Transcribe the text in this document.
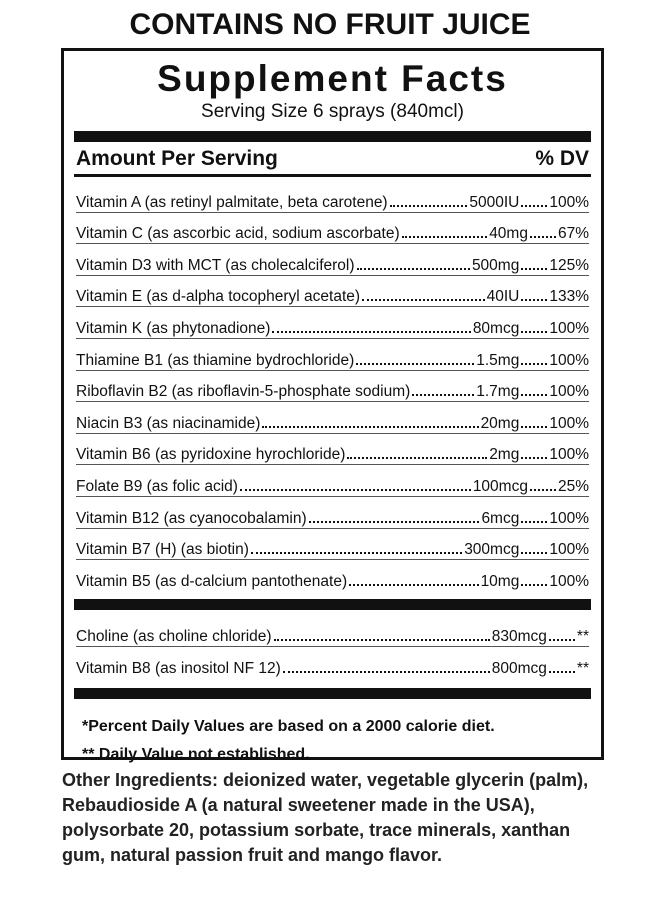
CONTAINS NO FRUIT JUICE
Supplement Facts
Serving Size 6 sprays (840mcl)
Amount Per Serving	% DV
Vitamin A (as retinyl palmitate, beta carotene)	5000IU 100%
Vitamin C (as ascorbic acid, sodium ascorbate)	40mg 67%
Vitamin D3 with MCT (as cholecalciferol)	500mg 125%
Vitamin E (as d-alpha tocopheryl acetate)	40IU 133%
Vitamin K (as phytonadione)	80mcg 100%
Thiamine B1 (as thiamine bydrochloride)	1.5mg 100%
Riboflavin B2 (as riboflavin-5-phosphate sodium)	1.7mg 100%
Niacin B3 (as niacinamide)	20mg 100%
Vitamin B6 (as pyridoxine hyrochloride)	2mg 100%
Folate B9 (as folic acid)	100mcg 25%
Vitamin B12 (as cyanocobalamin)	6mcg 100%
Vitamin B7 (H) (as biotin)	300mcg 100%
Vitamin B5 (as d-calcium pantothenate)	10mg 100%
Choline (as choline chloride)	830mcg **
Vitamin B8 (as inositol NF 12)	800mcg **
*Percent Daily Values are based on a 2000 calorie diet.
** Daily Value not established.
Other Ingredients: deionized water, vegetable glycerin (palm), Rebaudioside A (a natural sweetener made in the USA), polysorbate 20, potassium sorbate, trace minerals, xanthan gum, natural passion fruit and mango flavor.
